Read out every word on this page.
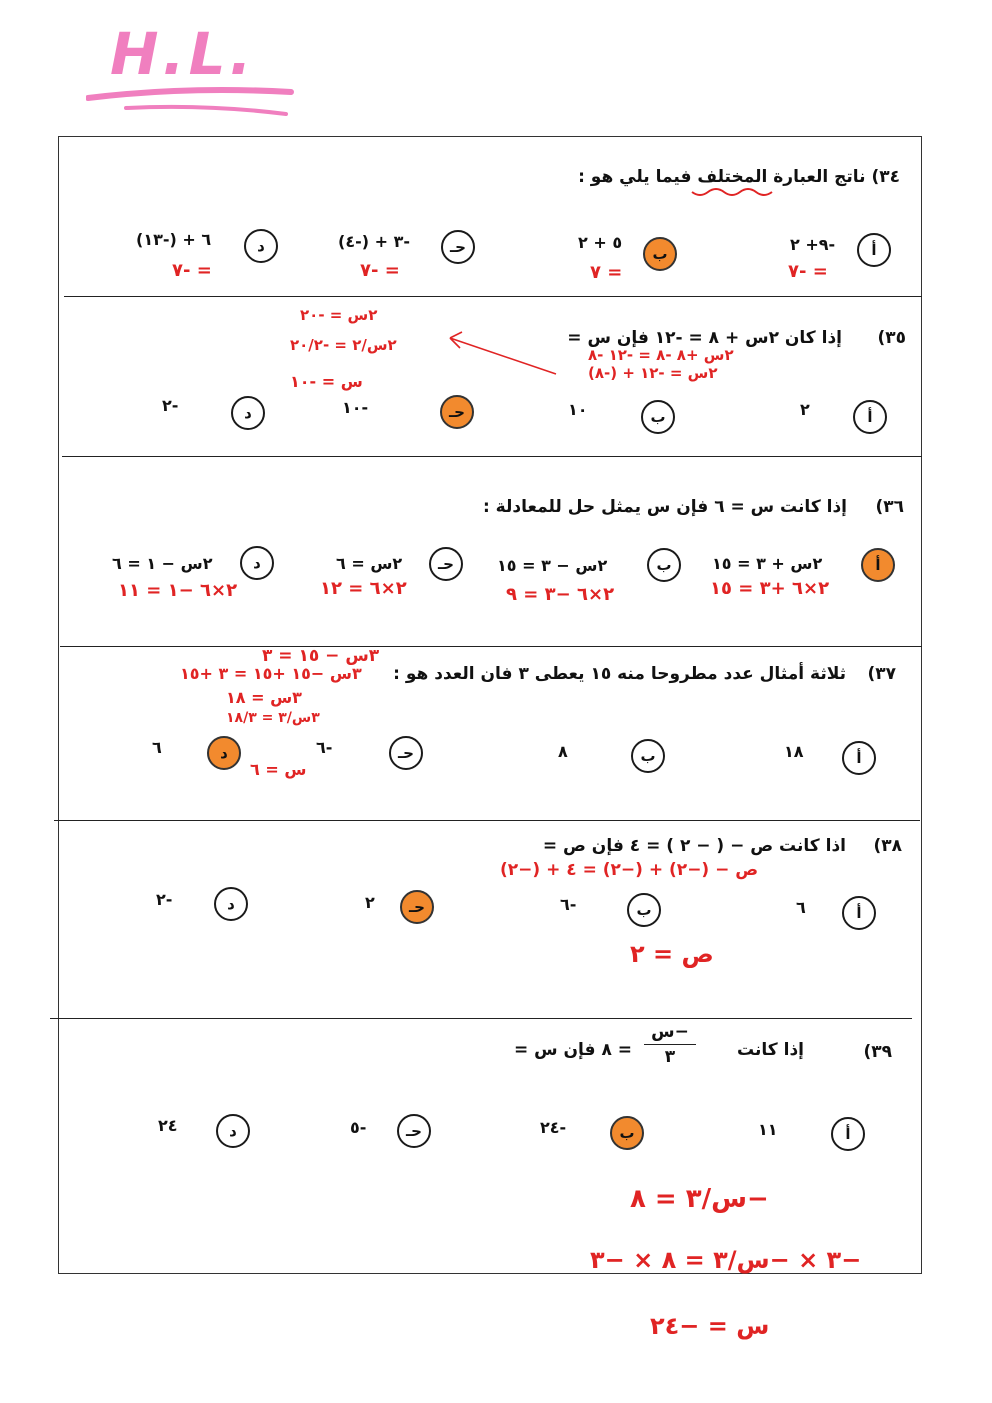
H.L.
٣٤) ناتج العبارة المختلف فيما يلي هو :
أ
-٩+ ٢
= -٧
ب
٥ + ٢
= ٧
حـ
-٣ + (-٤)
= -٧
د
٦ + (-١٣)
= -٧
٣٥)
إذا كان ٢س + ٨ = -١٢ فإن س =
٢س +٨ -٨ = -١٢ -٨
٢س = -١٢ + (-٨)
٢س = -٢٠
٢س/٢ = -٢٠/٢
س = -١٠
أ
٢
ب
١٠
حـ
-١٠
د
-٢
٣٦)
إذا كانت س = ٦ فإن س يمثل حل للمعادلة :
أ
٢س + ٣ = ١٥
٢×٦ +٣ = ١٥
ب
٢س − ٣ = ١٥
٢×٦ −٣ = ٩
حـ
٢س = ٦
٢×٦ = ١٢
د
٢س − ١ = ٦
٢×٦ −١ = ١١
٣٧)
ثلاثة أمثال عدد مطروحا منه ١٥ يعطى ٣ فان العدد هو :
٣س − ١٥ = ٣
٣س −١٥ +١٥ = ٣ +١٥
٣س = ١٨
٣س/٣ = ١٨/٣
س = ٦
أ
١٨
ب
٨
حـ
-٦
د
٦
٣٨)
اذا كانت ص − ( − ٢ ) = ٤ فإن ص =
ص − (−٢) + (−٢) = ٤ + (−٢)
أ
٦
ب
-٦
حـ
٢
د
-٢
ص = ٢
٣٩)
إذا كانت
−س
٣
= ٨ فإن س =
أ
١١
ب
-٢٤
حـ
-٥
د
٢٤
−س/٣ = ٨
−٣ × −س/٣ = ٨ × −٣
س = −٢٤
